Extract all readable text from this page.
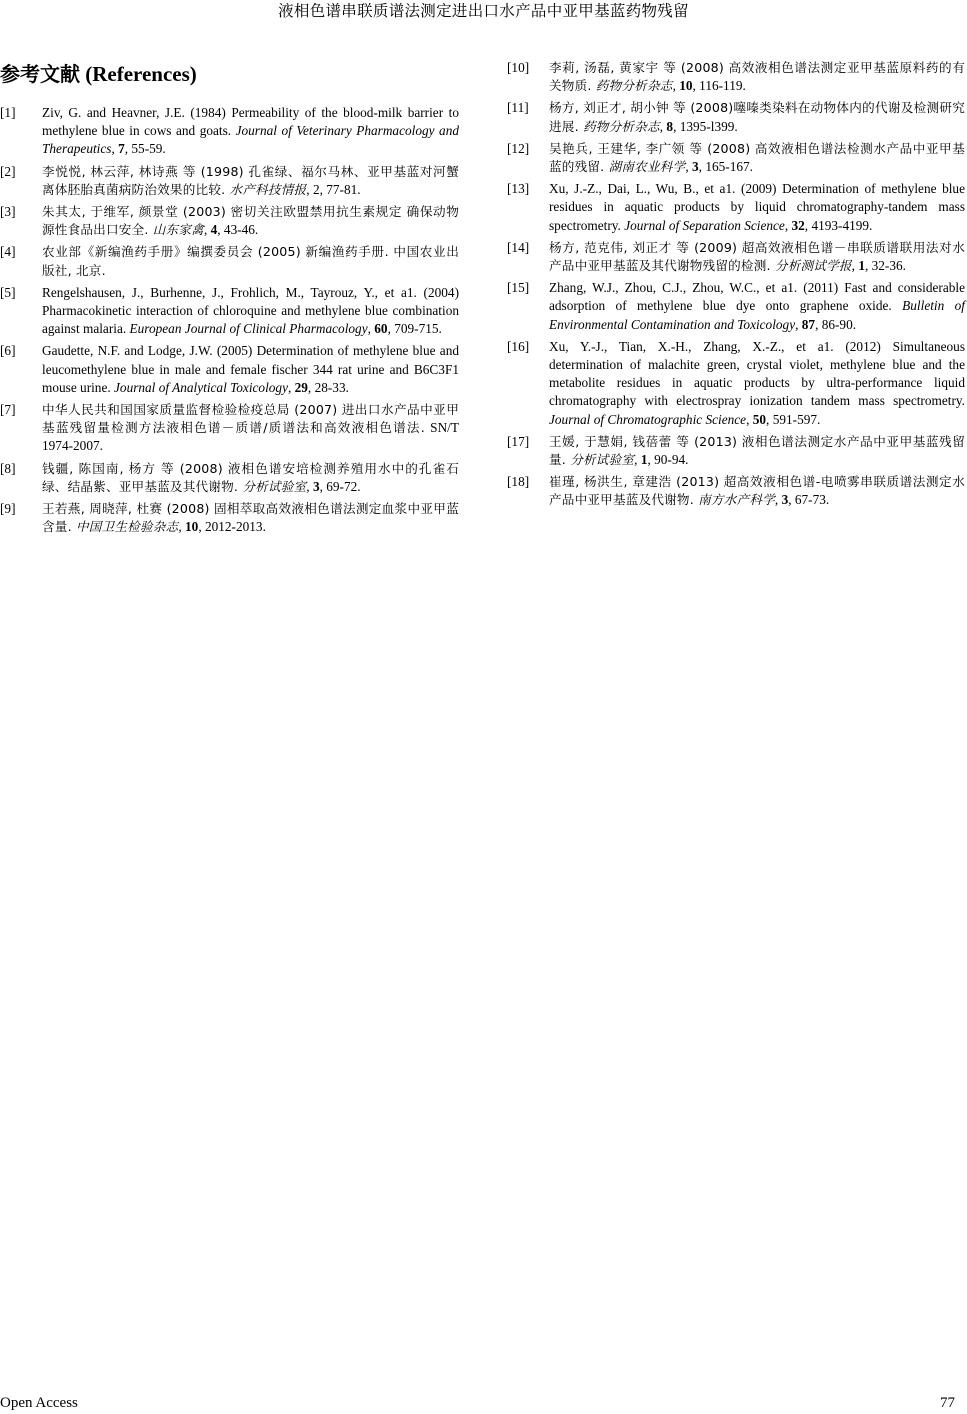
液相色谱串联质谱法测定进出口水产品中亚甲基蓝药物残留
参考文献 (References)
[1] Ziv, G. and Heavner, J.E. (1984) Permeability of the blood-milk barrier to methylene blue in cows and goats. Journal of Veterinary Pharmacology and Therapeutics, 7, 55-59.
[2] 李悦悦, 林云萍, 林诗燕 等 (1998) 孔雀绿、福尔马林、亚甲基蓝对河蟹离体胚胎真菌病防治效果的比较. 水产科技情报, 2, 77-81.
[3] 朱其太, 于维军, 颜景堂 (2003) 密切关注欧盟禁用抗生素规定 确保动物源性食品出口安全. 山东家禽, 4, 43-46.
[4] 农业部《新编渔药手册》编撰委员会 (2005) 新编渔药手册. 中国农业出版社, 北京.
[5] Rengelshausen, J., Burhenne, J., Frohlich, M., Tayrouz, Y., et a1. (2004) Pharmacokinetic interaction of chloroquine and methylene blue combination against malaria. European Journal of Clinical Pharmacology, 60, 709-715.
[6] Gaudette, N.F. and Lodge, J.W. (2005) Determination of methylene blue and leucomethylene blue in male and female fischer 344 rat urine and B6C3F1 mouse urine. Journal of Analytical Toxicology, 29, 28-33.
[7] 中华人民共和国国家质量监督检验检疫总局 (2007) 进出口水产品中亚甲基蓝残留量检测方法液相色谱－质谱/质谱法和高效液相色谱法. SN/T 1974-2007.
[8] 钱疆, 陈国南, 杨方 等 (2008) 液相色谱安培检测养殖用水中的孔雀石绿、结晶紫、亚甲基蓝及其代谢物. 分析试验室, 3, 69-72.
[9] 王若燕, 周晓萍, 杜赛 (2008) 固相萃取高效液相色谱法测定血浆中亚甲蓝含量. 中国卫生检验杂志, 10, 2012-2013.
[10] 李莉, 汤磊, 黄家宇 等 (2008) 高效液相色谱法测定亚甲基蓝原料药的有关物质. 药物分析杂志, 10, 116-119.
[11] 杨方, 刘正才, 胡小钟 等 (2008)噻嗪类染料在动物体内的代谢及检测研究进展. 药物分析杂志, 8, 1395-l399.
[12] 吴艳兵, 王建华, 李广领 等 (2008) 高效液相色谱法检测水产品中亚甲基蓝的残留. 湖南农业科学, 3, 165-167.
[13] Xu, J.-Z., Dai, L., Wu, B., et a1. (2009) Determination of methylene blue residues in aquatic products by liquid chromatography-tandem mass spectrometry. Journal of Separation Science, 32, 4193-4199.
[14] 杨方, 范克伟, 刘正才 等 (2009) 超高效液相色谱－串联质谱联用法对水产品中亚甲基蓝及其代谢物残留的检测. 分析测试学报, 1, 32-36.
[15] Zhang, W.J., Zhou, C.J., Zhou, W.C., et a1. (2011) Fast and considerable adsorption of methylene blue dye onto graphene oxide. Bulletin of Environmental Contamination and Toxicology, 87, 86-90.
[16] Xu, Y.-J., Tian, X.-H., Zhang, X.-Z., et a1. (2012) Simultaneous determination of malachite green, crystal violet, methylene blue and the metabolite residues in aquatic products by ultra-performance liquid chromatography with electrospray ionization tandem mass spectrometry. Journal of Chromatographic Science, 50, 591-597.
[17] 王媛, 于慧娟, 钱蓓蕾 等 (2013) 液相色谱法测定水产品中亚甲基蓝残留量. 分析试验室, 1, 90-94.
[18] 崔瑾, 杨洪生, 章建浩 (2013) 超高效液相色谱-电喷雾串联质谱法测定水产品中亚甲基蓝及代谢物. 南方水产科学, 3, 67-73.
Open Access	77
